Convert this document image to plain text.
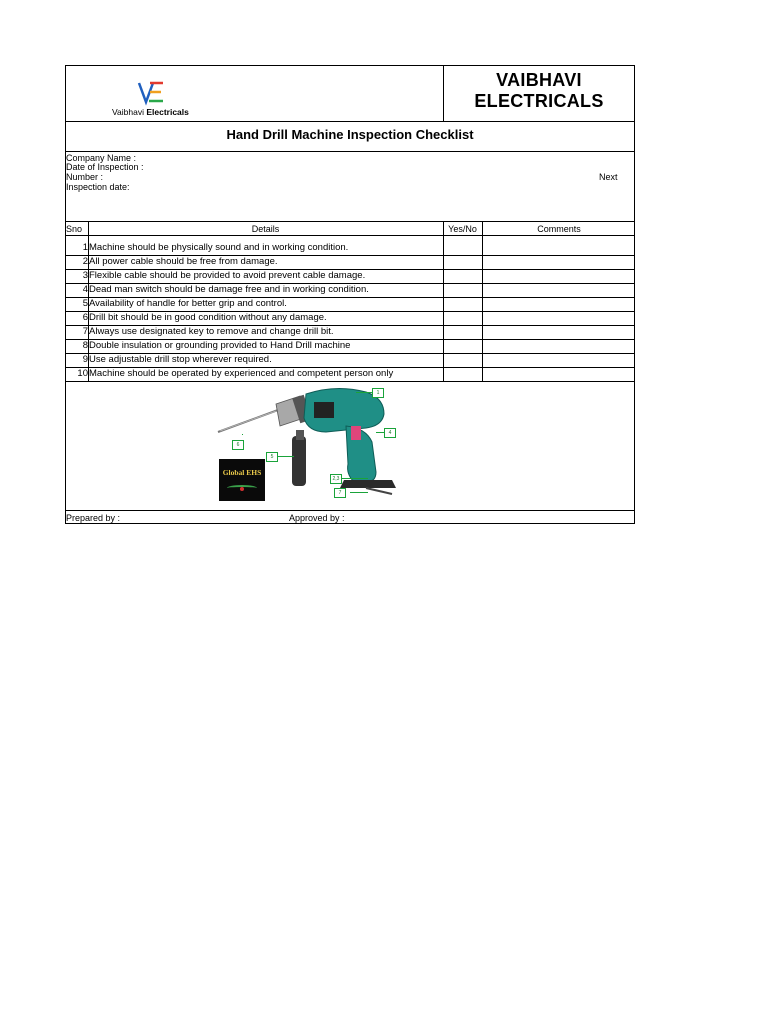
Vaibhavi Electricals
VAIBHAVI
ELECTRICALS
Hand Drill Machine Inspection Checklist
Company Name :
Date of Inspection :
Number :	Next
Inspection date:
Sno	Details	Yes/No	Comments
1 Machine should be physically sound and in working condition.
2 All power cable should be free from damage.
3 Flexible cable should be provided to avoid prevent cable damage.
4 Dead man switch should be damage free and in working condition.
5 Availability of handle for better grip and control.
6 Drill bit should be in good condition without any damage.
7 Always use designated key to remove and change drill bit.
8 Double insulation or grounding provided to Hand Drill machine
9 Use adjustable drill stop wherever required.
10 Machine should be operated by experienced and competent person only
1
4
5
6
2,3
7
Global EHS
Prepared by :	Approved by :
